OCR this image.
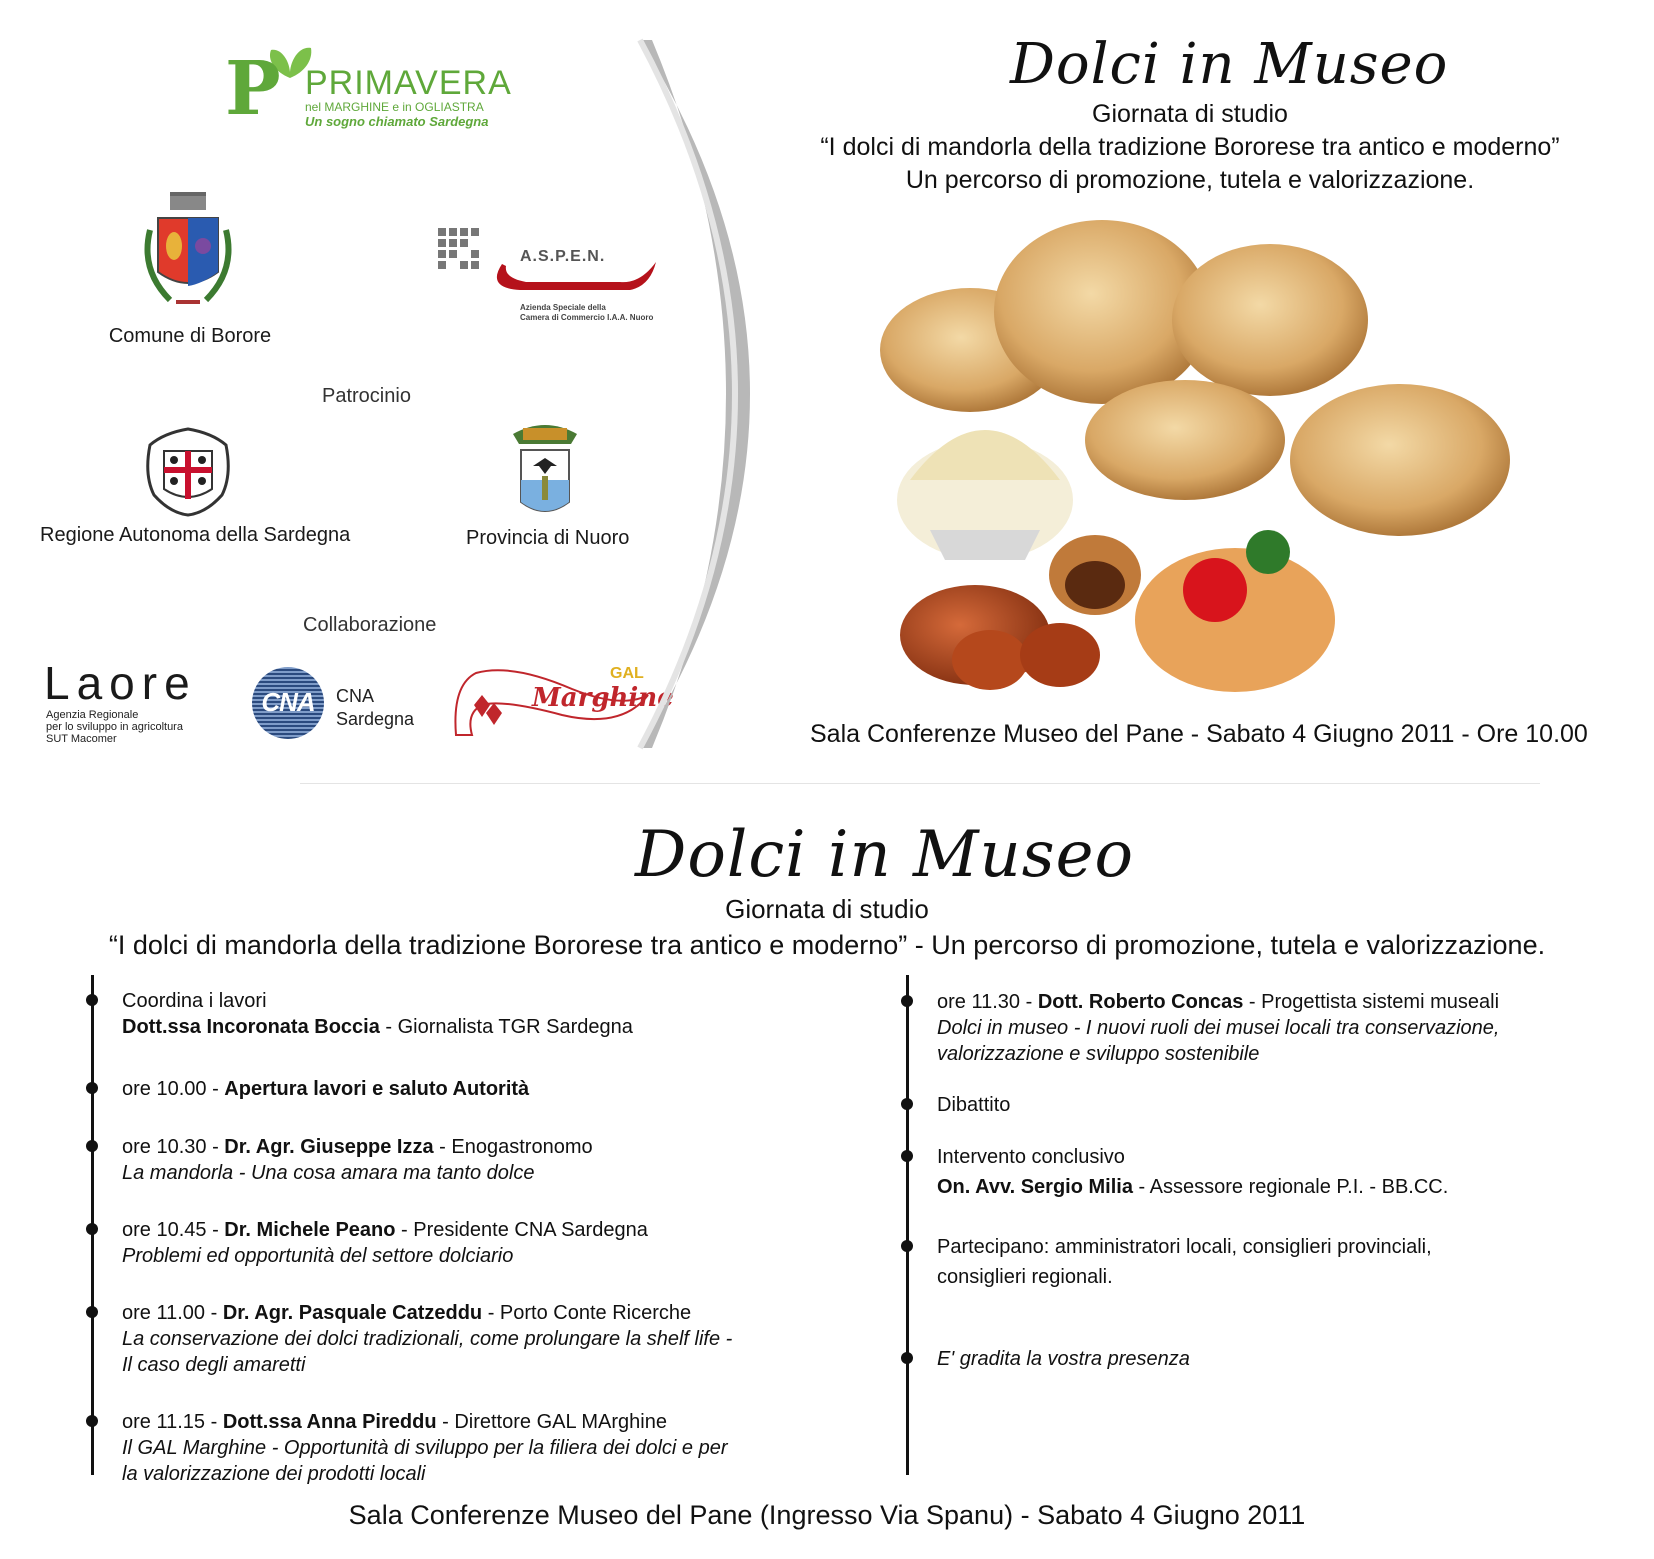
P PRIMAVERA
nel MARGHINE e in OGLIASTRA
Un sogno chiamato Sardegna
Comune di Borore
A.S.P.E.N.
Azienda Speciale della
Camera di Commercio I.A.A. Nuoro
Patrocinio
Regione Autonoma della Sardegna	Provincia di Nuoro
Collaborazione
Laore
Agenzia Regionale
per lo sviluppo in agricoltura
SUT Macomer
CNA	CNA
Sardegna
GAL
Marghine
Dolci in Museo
Giornata di studio
“I dolci di mandorla della tradizione Bororese tra antico e moderno”
Un percorso di promozione, tutela e valorizzazione.
Sala Conferenze Museo del Pane - Sabato 4 Giugno 2011 - Ore 10.00
Dolci in Museo
Giornata di studio
“I dolci di mandorla della tradizione Bororese tra antico e moderno” - Un percorso di promozione, tutela e valorizzazione.
Coordina i lavori
Dott.ssa Incoronata Boccia - Giornalista TGR Sardegna
ore 10.00 - Apertura lavori e saluto Autorità
ore 10.30 - Dr. Agr. Giuseppe Izza - Enogastronomo
La mandorla - Una cosa amara ma tanto dolce
ore 10.45 - Dr. Michele Peano - Presidente CNA Sardegna
Problemi ed opportunità del settore dolciario
ore 11.00 - Dr. Agr. Pasquale Catzeddu - Porto Conte Ricerche
La conservazione dei dolci tradizionali, come prolungare la shelf life -
Il caso degli amaretti
ore 11.15 - Dott.ssa Anna Pireddu - Direttore GAL MArghine
Il GAL Marghine - Opportunità di sviluppo per la filiera dei dolci e per
la valorizzazione dei prodotti locali
ore 11.30 - Dott. Roberto Concas - Progettista sistemi museali
Dolci in museo - I nuovi ruoli dei musei locali tra conservazione,
valorizzazione e sviluppo sostenibile
Dibattito
Intervento conclusivo
On. Avv. Sergio Milia - Assessore regionale P.I. - BB.CC.
Partecipano: amministratori locali, consiglieri provinciali,
consiglieri regionali.
E' gradita la vostra presenza
Sala Conferenze Museo del Pane (Ingresso Via Spanu) - Sabato 4 Giugno 2011
